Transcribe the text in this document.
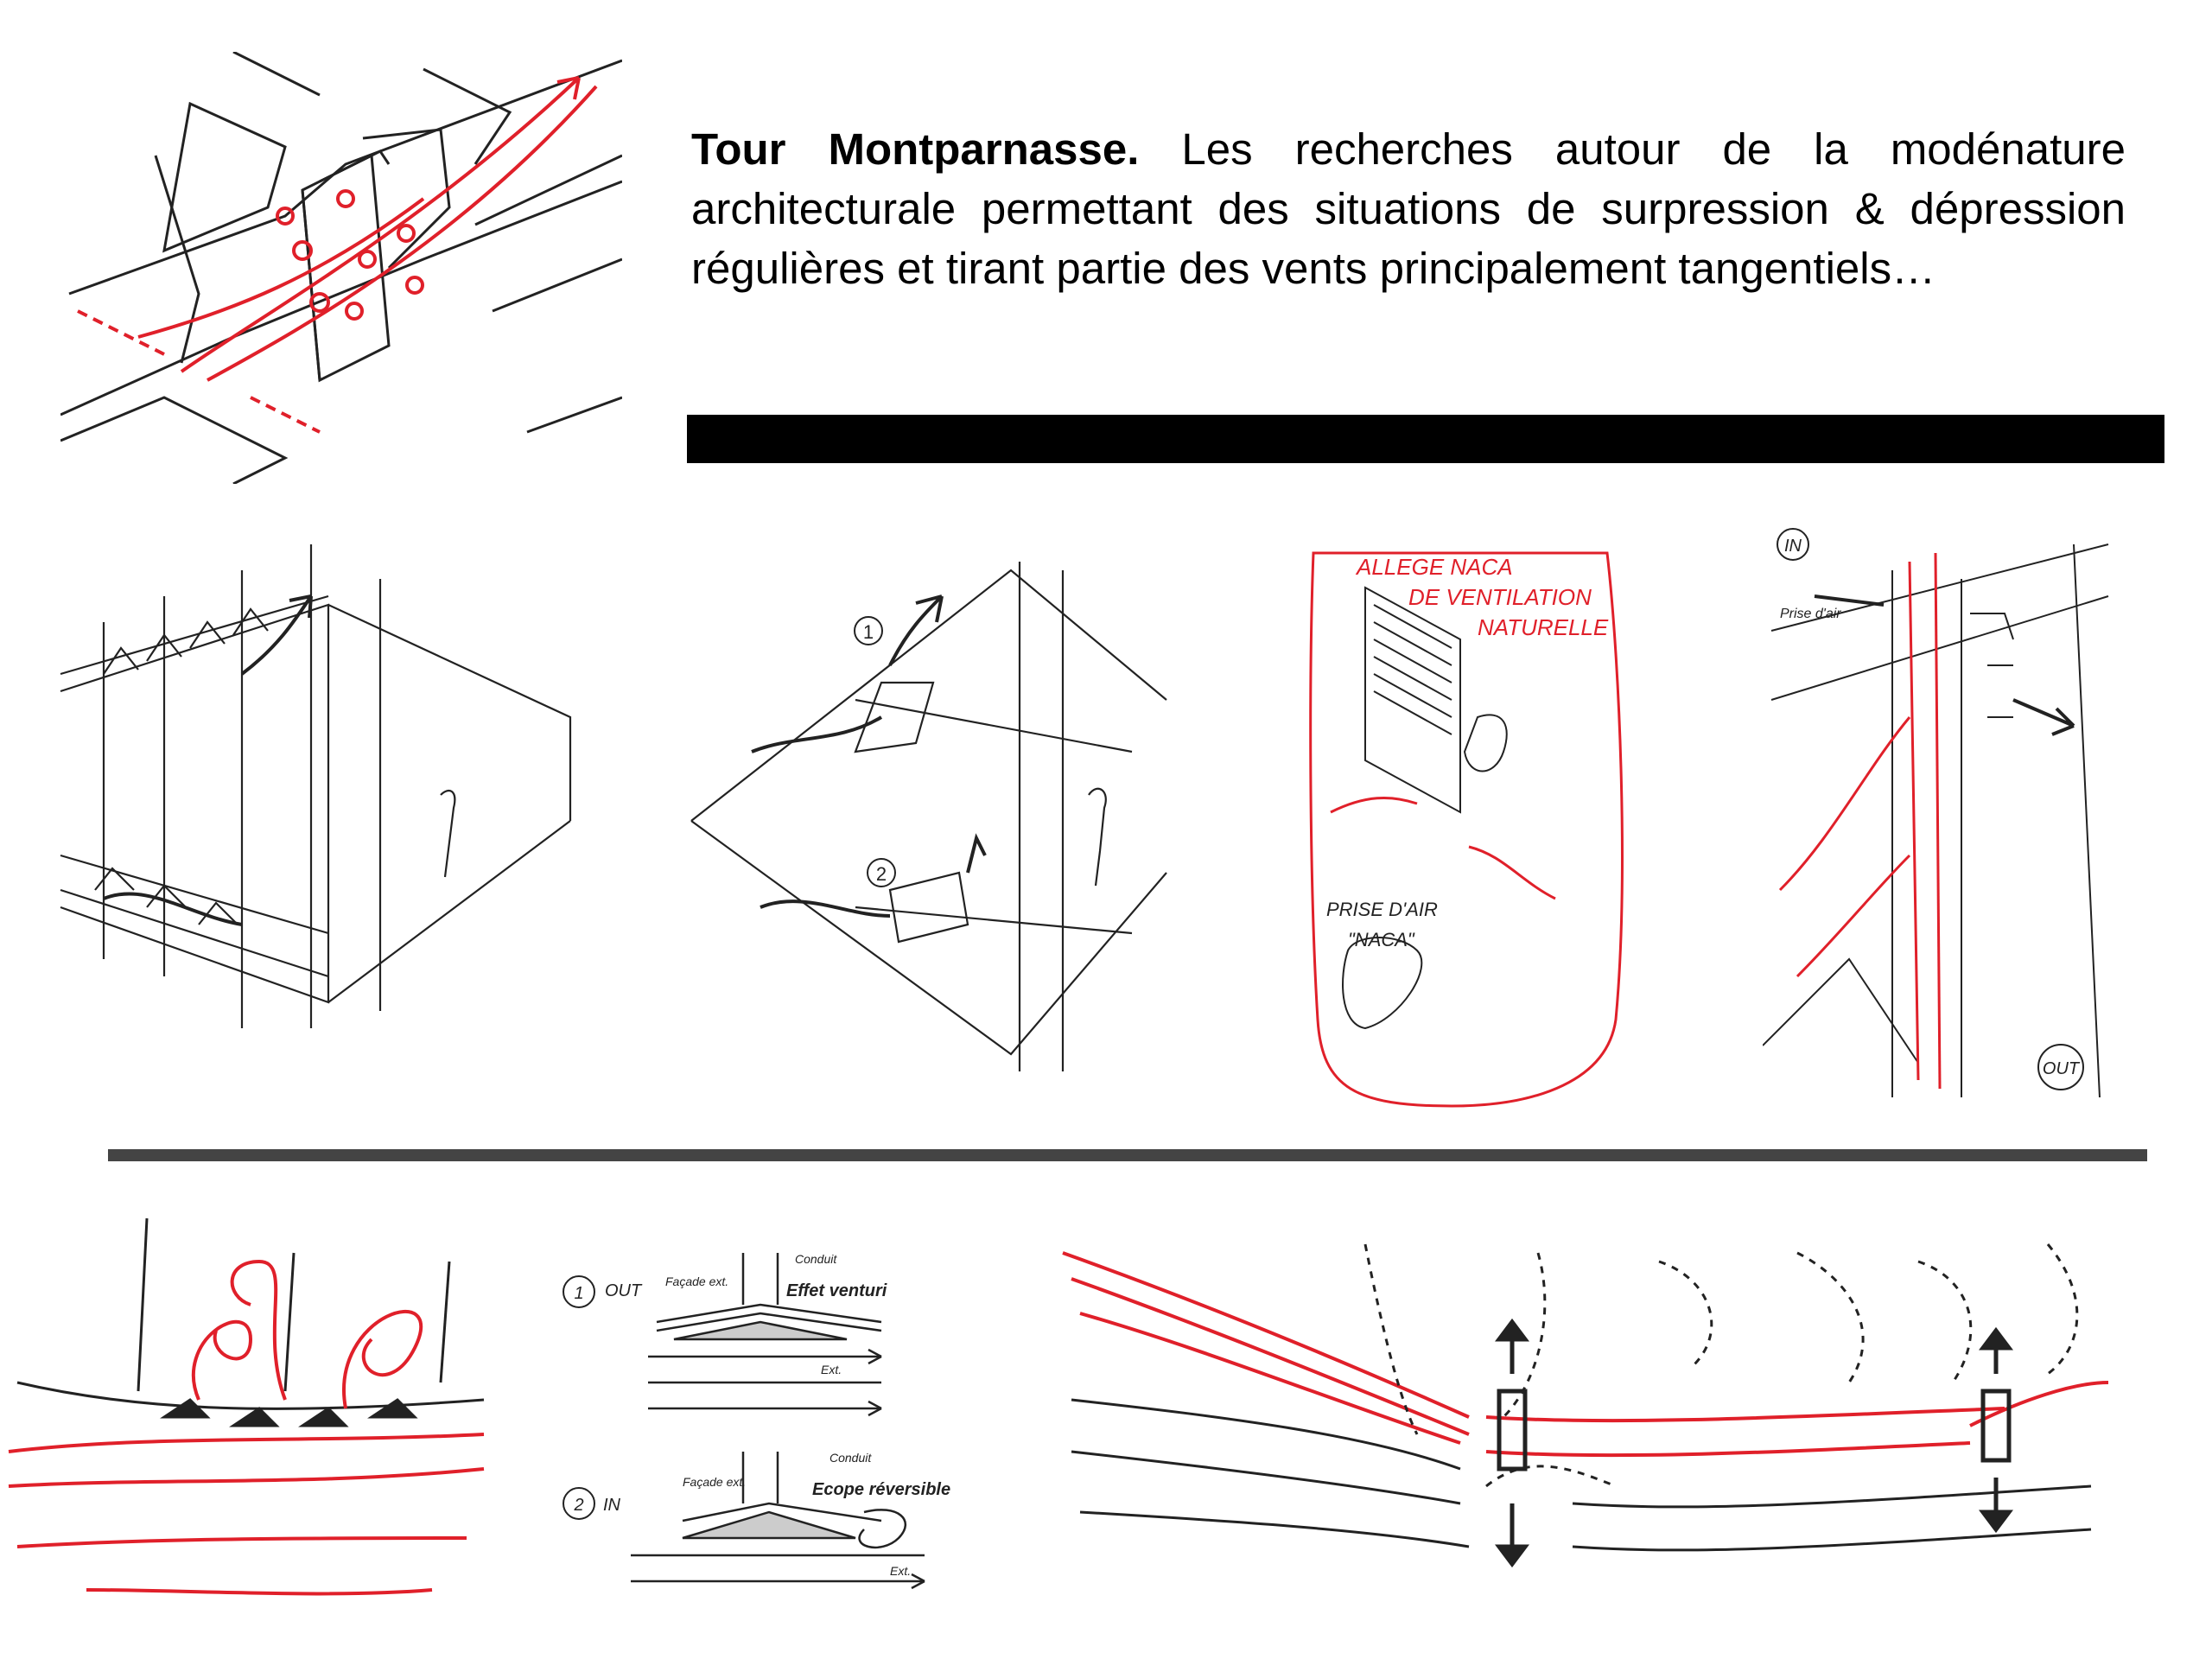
Tour Montparnasse. Les recherches autour de la modénature architecturale permettant des situations de surpression & dépression régulières et tirant partie des vents principalement tangentiels…

1
2
ALLEGE NACA
DE VENTILATION
NATURELLE
PRISE D'AIR
"NACA"
IN
Prise d'air
OUT
1 OUT	Effet venturi
Conduit
Façade ext.
Ext.
2 IN
Ecope réversible
Conduit
Façade ext.
Ext.
